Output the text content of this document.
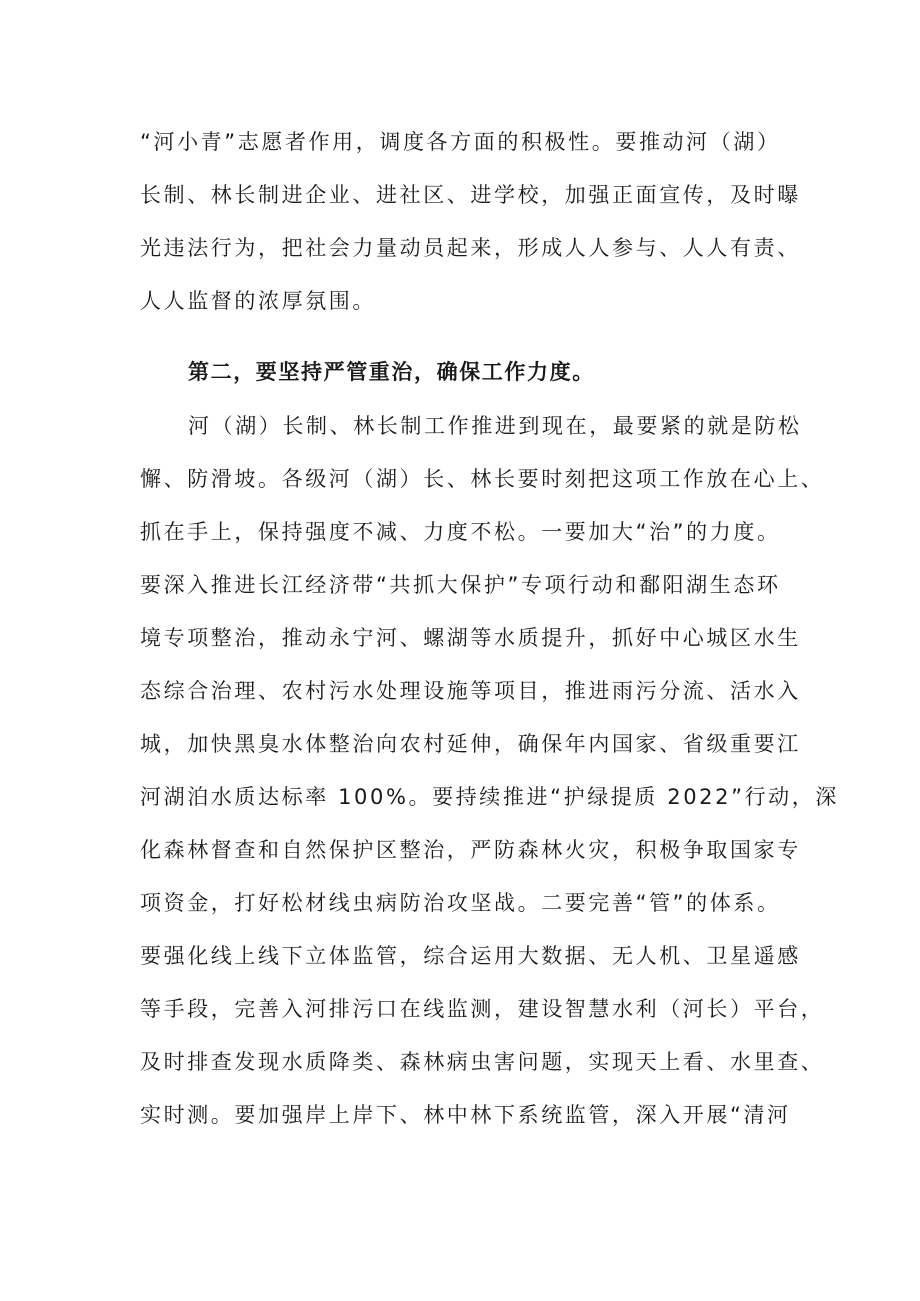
“河小青”志愿者作用，调度各方面的积极性。要推动河（湖）
长制、林长制进企业、进社区、进学校，加强正面宣传，及时曝
光违法行为，把社会力量动员起来，形成人人参与、人人有责、
人人监督的浓厚氛围。
第二，要坚持严管重治，确保工作力度。
河（湖）长制、林长制工作推进到现在，最要紧的就是防松
懈、防滑坡。各级河（湖）长、林长要时刻把这项工作放在心上、
抓在手上，保持强度不减、力度不松。一要加大“治”的力度。
要深入推进长江经济带“共抓大保护”专项行动和鄱阳湖生态环
境专项整治，推动永宁河、螺湖等水质提升，抓好中心城区水生
态综合治理、农村污水处理设施等项目，推进雨污分流、活水入
城，加快黑臭水体整治向农村延伸，确保年内国家、省级重要江
河湖泊水质达标率 100%。要持续推进“护绿提质 2022”行动，深
化森林督查和自然保护区整治，严防森林火灾，积极争取国家专
项资金，打好松材线虫病防治攻坚战。二要完善“管”的体系。
要强化线上线下立体监管，综合运用大数据、无人机、卫星遥感
等手段，完善入河排污口在线监测，建设智慧水利（河长）平台，
及时排查发现水质降类、森林病虫害问题，实现天上看、水里查、
实时测。要加强岸上岸下、林中林下系统监管，深入开展“清河
